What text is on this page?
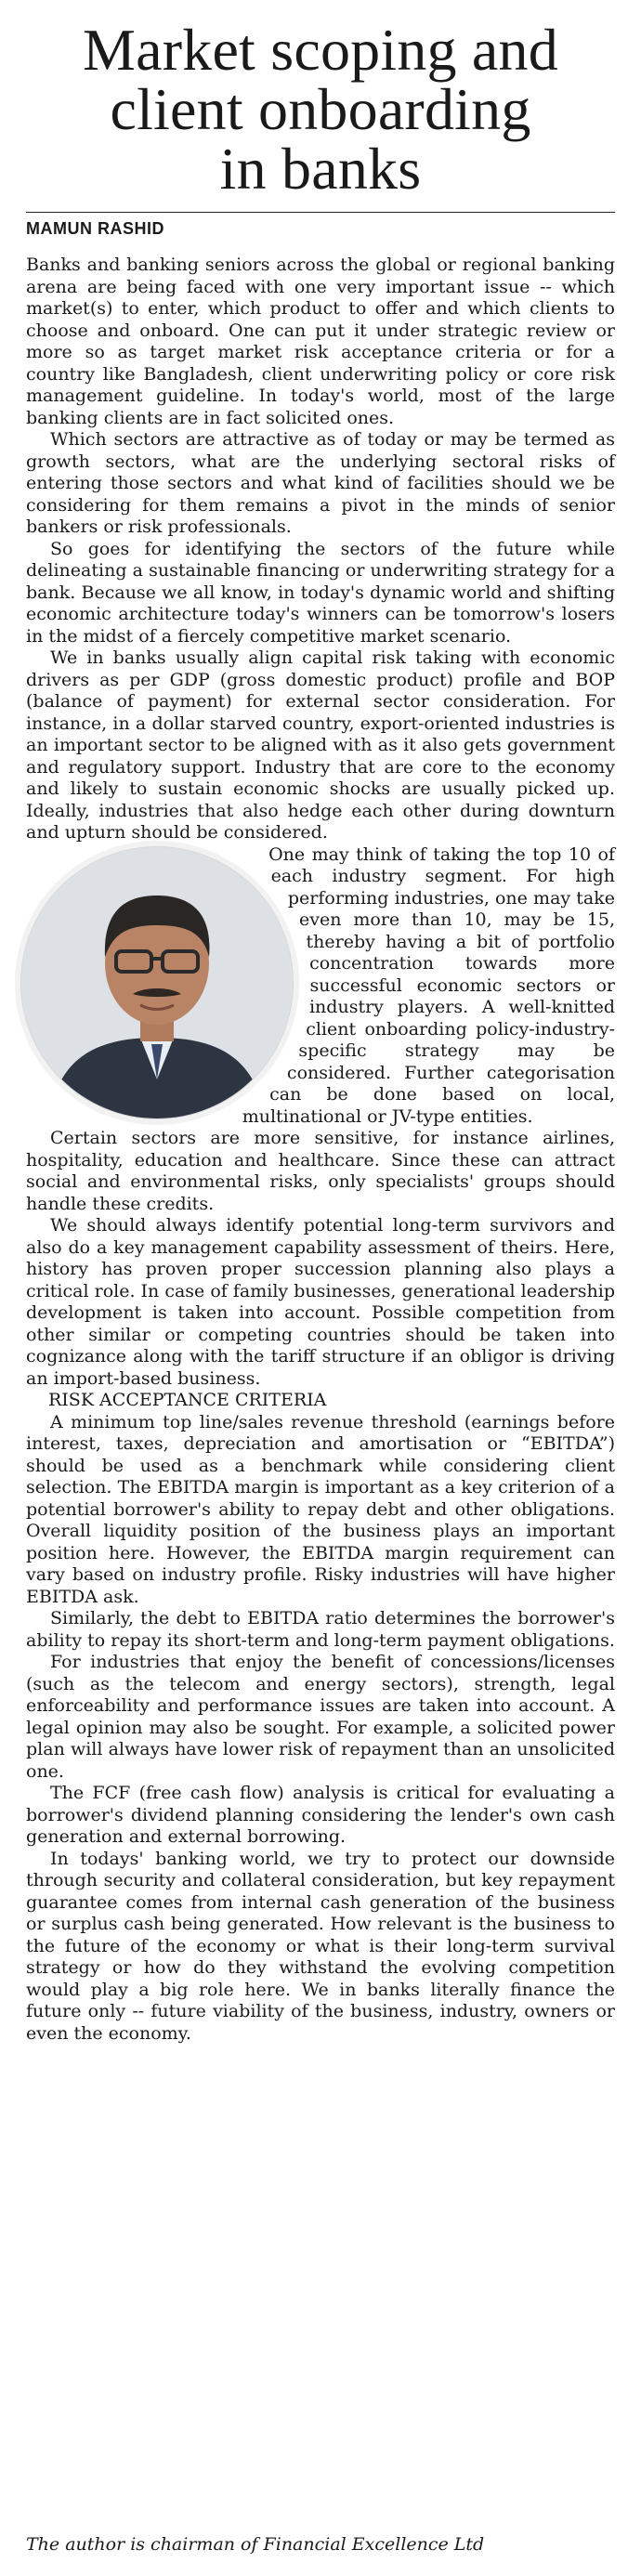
Market scoping and
client onboarding
in banks
MAMUN RASHID

Banks and banking seniors across the global or regional banking arena are being faced with one very important issue -- which market(s) to enter, which product to offer and which clients to choose and onboard. One can put it under strategic review or more so as target market risk acceptance criteria or for a country like Bangladesh, client underwriting policy or core risk management guideline. In today's world, most of the large banking clients are in fact solicited ones.

Which sectors are attractive as of today or may be termed as growth sectors, what are the underlying sectoral risks of entering those sectors and what kind of facilities should we be considering for them remains a pivot in the minds of senior bankers or risk professionals.

So goes for identifying the sectors of the future while delineating a sustainable financing or underwriting strategy for a bank. Because we all know, in today's dynamic world and shifting economic architecture today's winners can be tomorrow's losers in the midst of a fiercely competitive market scenario.

We in banks usually align capital risk taking with economic drivers as per GDP (gross domestic product) profile and BOP (balance of payment) for external sector consideration. For instance, in a dollar starved country, export-oriented industries is an important sector to be aligned with as it also gets government and regulatory support. Industry that are core to the economy and likely to sustain economic shocks are usually picked up. Ideally, industries that also hedge each other during downturn and upturn should be considered.

One may think of taking the top 10 of each industry segment. For high performing industries, one may take even more than 10, may be 15, thereby having a bit of portfolio concentration towards more successful economic sectors or industry players. A well-knitted client onboarding policy-industry-specific strategy may be considered. Further categorisation can be done based on local, multinational or JV-type entities.

Certain sectors are more sensitive, for instance airlines, hospitality, education and healthcare. Since these can attract social and environmental risks, only specialists' groups should handle these credits.

We should always identify potential long-term survivors and also do a key management capability assessment of theirs. Here, history has proven proper succession planning also plays a critical role. In case of family businesses, generational leadership development is taken into account. Possible competition from other similar or competing countries should be taken into cognizance along with the tariff structure if an obligor is driving an import-based business.

RISK ACCEPTANCE CRITERIA

A minimum top line/sales revenue threshold (earnings before interest, taxes, depreciation and amortisation or “EBITDA”) should be used as a benchmark while considering client selection. The EBITDA margin is important as a key criterion of a potential borrower's ability to repay debt and other obligations. Overall liquidity position of the business plays an important position here. However, the EBITDA margin requirement can vary based on industry profile. Risky industries will have higher EBITDA ask.

Similarly, the debt to EBITDA ratio determines the borrower's ability to repay its short-term and long-term payment obligations.

For industries that enjoy the benefit of concessions/licenses (such as the telecom and energy sectors), strength, legal enforceability and performance issues are taken into account. A legal opinion may also be sought. For example, a solicited power plan will always have lower risk of repayment than an unsolicited one.

The FCF (free cash flow) analysis is critical for evaluating a borrower's dividend planning considering the lender's own cash generation and external borrowing.

In todays' banking world, we try to protect our downside through security and collateral consideration, but key repayment guarantee comes from internal cash generation of the business or surplus cash being generated. How relevant is the business to the future of the economy or what is their long-term survival strategy or how do they withstand the evolving competition would play a big role here. We in banks literally finance the future only -- future viability of the business, industry, owners or even the economy.

The author is chairman of Financial Excellence Ltd
